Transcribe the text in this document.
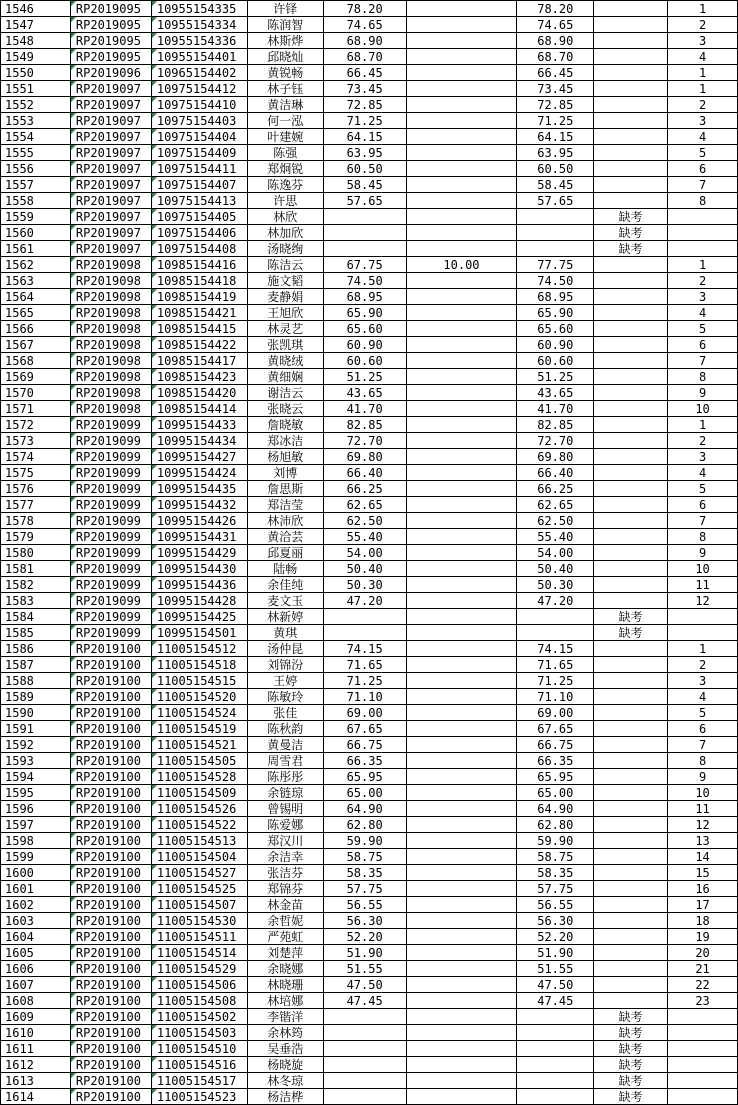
1546	RP2019095	10955154335	许铎	78.20		78.20		1
1547	RP2019095	10955154334	陈润智	74.65		74.65		2
1548	RP2019095	10955154336	林斯烨	68.90		68.90		3
1549	RP2019095	10955154401	邱晓灿	68.70		68.70		4
1550	RP2019096	10965154402	黄锐畅	66.45		66.45		1
1551	RP2019097	10975154412	林子钰	73.45		73.45		1
1552	RP2019097	10975154410	黄洁琳	72.85		72.85		2
1553	RP2019097	10975154403	何一泓	71.25		71.25		3
1554	RP2019097	10975154404	叶建婉	64.15		64.15		4
1555	RP2019097	10975154409	陈强	63.95		63.95		5
1556	RP2019097	10975154411	郑炯锐	60.50		60.50		6
1557	RP2019097	10975154407	陈逸芬	58.45		58.45		7
1558	RP2019097	10975154413	许思	57.65		57.65		8
1559	RP2019097	10975154405	林欣				缺考	
1560	RP2019097	10975154406	林加欣				缺考	
1561	RP2019097	10975154408	汤晓绚				缺考	
1562	RP2019098	10985154416	陈洁云	67.75	10.00	77.75		1
1563	RP2019098	10985154418	施文韬	74.50		74.50		2
1564	RP2019098	10985154419	麦静娟	68.95		68.95		3
1565	RP2019098	10985154421	王旭欣	65.90		65.90		4
1566	RP2019098	10985154415	林灵艺	65.60		65.60		5
1567	RP2019098	10985154422	张凯琪	60.90		60.90		6
1568	RP2019098	10985154417	黄晓绒	60.60		60.60		7
1569	RP2019098	10985154423	黄细娴	51.25		51.25		8
1570	RP2019098	10985154420	谢洁云	43.65		43.65		9
1571	RP2019098	10985154414	张晓云	41.70		41.70		10
1572	RP2019099	10995154433	詹晓敏	82.85		82.85		1
1573	RP2019099	10995154434	郑冰洁	72.70		72.70		2
1574	RP2019099	10995154427	杨旭敏	69.80		69.80		3
1575	RP2019099	10995154424	刘博	66.40		66.40		4
1576	RP2019099	10995154435	詹思斯	66.25		66.25		5
1577	RP2019099	10995154432	郑洁莹	62.65		62.65		6
1578	RP2019099	10995154426	林沛欣	62.50		62.50		7
1579	RP2019099	10995154431	黄洽芸	55.40		55.40		8
1580	RP2019099	10995154429	邱夏丽	54.00		54.00		9
1581	RP2019099	10995154430	陆畅	50.40		50.40		10
1582	RP2019099	10995154436	余佳纯	50.30		50.30		11
1583	RP2019099	10995154428	麦文玉	47.20		47.20		12
1584	RP2019099	10995154425	林新婷				缺考	
1585	RP2019099	10995154501	黄琪				缺考	
1586	RP2019100	11005154512	汤仲昆	74.15		74.15		1
1587	RP2019100	11005154518	刘锦汾	71.65		71.65		2
1588	RP2019100	11005154515	王婷	71.25		71.25		3
1589	RP2019100	11005154520	陈敏玲	71.10		71.10		4
1590	RP2019100	11005154524	张佳	69.00		69.00		5
1591	RP2019100	11005154519	陈秋韵	67.65		67.65		6
1592	RP2019100	11005154521	黄曼洁	66.75		66.75		7
1593	RP2019100	11005154505	周雪君	66.35		66.35		8
1594	RP2019100	11005154528	陈彤彤	65.95		65.95		9
1595	RP2019100	11005154509	余链琼	65.00		65.00		10
1596	RP2019100	11005154526	曾锡明	64.90		64.90		11
1597	RP2019100	11005154522	陈爱娜	62.80		62.80		12
1598	RP2019100	11005154513	郑汉川	59.90		59.90		13
1599	RP2019100	11005154504	余洁幸	58.75		58.75		14
1600	RP2019100	11005154527	张洁芬	58.35		58.35		15
1601	RP2019100	11005154525	郑锦芬	57.75		57.75		16
1602	RP2019100	11005154507	林金苗	56.55		56.55		17
1603	RP2019100	11005154530	余哲妮	56.30		56.30		18
1604	RP2019100	11005154511	严苑虹	52.20		52.20		19
1605	RP2019100	11005154514	刘楚萍	51.90		51.90		20
1606	RP2019100	11005154529	余晓娜	51.55		51.55		21
1607	RP2019100	11005154506	林晓珊	47.50		47.50		22
1608	RP2019100	11005154508	林培娜	47.45		47.45		23
1609	RP2019100	11005154502	李锴洋				缺考	
1610	RP2019100	11005154503	余林筠				缺考	
1611	RP2019100	11005154510	吴垂浩				缺考	
1612	RP2019100	11005154516	杨晓旋				缺考	
1613	RP2019100	11005154517	林冬琼				缺考	
1614	RP2019100	11005154523	杨洁桦				缺考	
